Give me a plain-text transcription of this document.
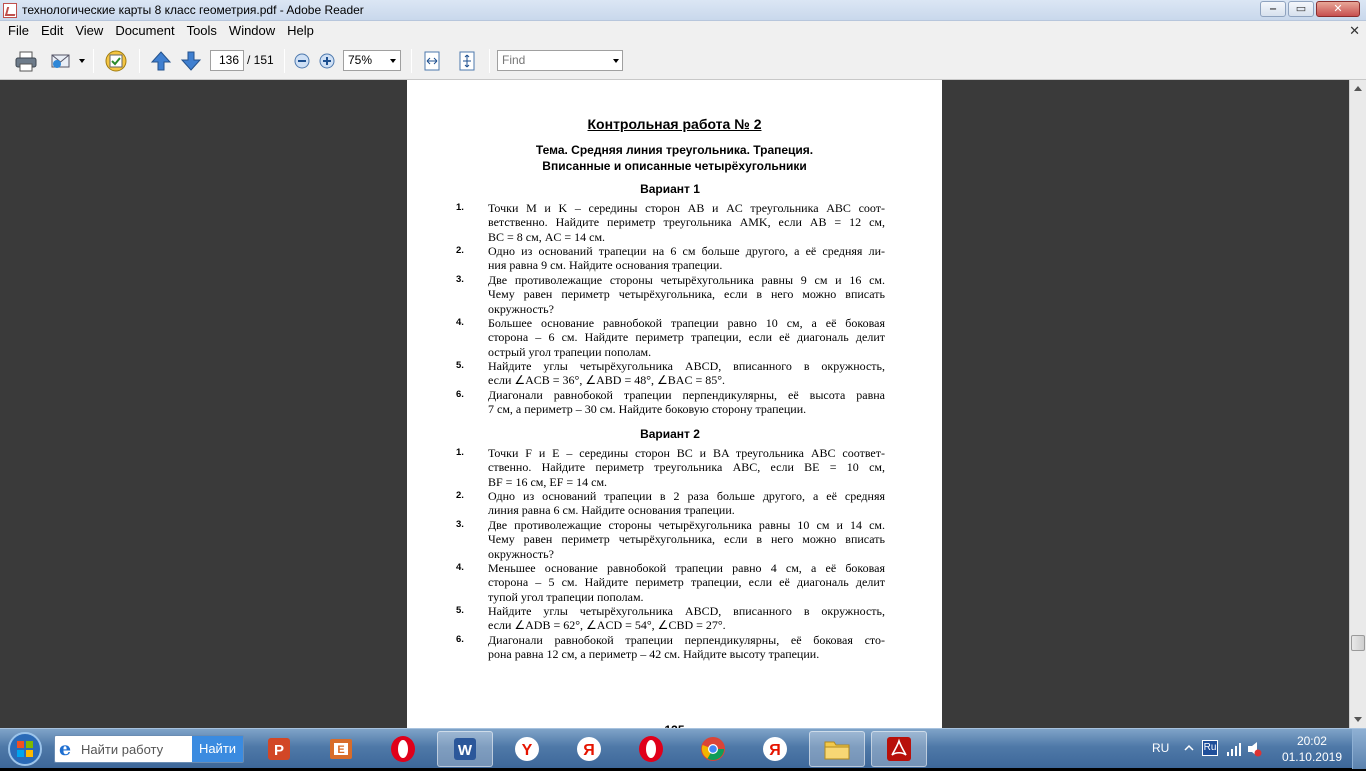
технологические карты 8 класс геометрия.pdf - Adobe Reader	‒	▭	✕
File Edit View Document Tools Window Help	✕
136 / 151	75%	Find
Контрольная работа № 2
Тема. Средняя линия треугольника. Трапеция.
Вписанные и описанные четырёхугольники
Вариант 1
1. Точки M и K – середины сторон AB и AC треугольника ABC соот-
ветственно. Найдите периметр треугольника AMK, если AB = 12 см,
BC = 8 см, AC = 14 см.
2. Одно из оснований трапеции на 6 см больше другого, а её средняя ли-
ния равна 9 см. Найдите основания трапеции.
3. Две противолежащие стороны четырёхугольника равны 9 см и 16 см.
Чему равен периметр четырёхугольника, если в него можно вписать
окружность?
4. Большее основание равнобокой трапеции равно 10 см, а её боковая
сторона – 6 см. Найдите периметр трапеции, если её диагональ делит
острый угол трапеции пополам.
5. Найдите углы четырёхугольника ABCD, вписанного в окружность,
если ∠ACB = 36°, ∠ABD = 48°, ∠BAC = 85°.
6. Диагонали равнобокой трапеции перпендикулярны, её высота равна
7 см, а периметр – 30 см. Найдите боковую сторону трапеции.
Вариант 2
1. Точки F и E – середины сторон BC и BA треугольника ABC соответ-
ственно. Найдите периметр треугольника ABC, если BE = 10 см,
BF = 16 см, EF = 14 см.
2. Одно из оснований трапеции в 2 раза больше другого, а её средняя
линия равна 6 см. Найдите основания трапеции.
3. Две противолежащие стороны четырёхугольника равны 10 см и 14 см.
Чему равен периметр четырёхугольника, если в него можно вписать
окружность?
4. Меньшее основание равнобокой трапеции равно 4 см, а её боковая
сторона – 5 см. Найдите периметр трапеции, если её диагональ делит
тупой угол трапеции пополам.
5. Найдите углы четырёхугольника ABCD, вписанного в окружность,
если ∠ADB = 62°, ∠ACD = 54°, ∠CBD = 27°.
6. Диагонали равнобокой трапеции перпендикулярны, её боковая сто-
рона равна 12 см, а периметр – 42 см. Найдите высоту трапеции.
e Найти работу	Найти	P	E	W	Y	Я	Я	RU	Ru	20:02
01.10.2019
